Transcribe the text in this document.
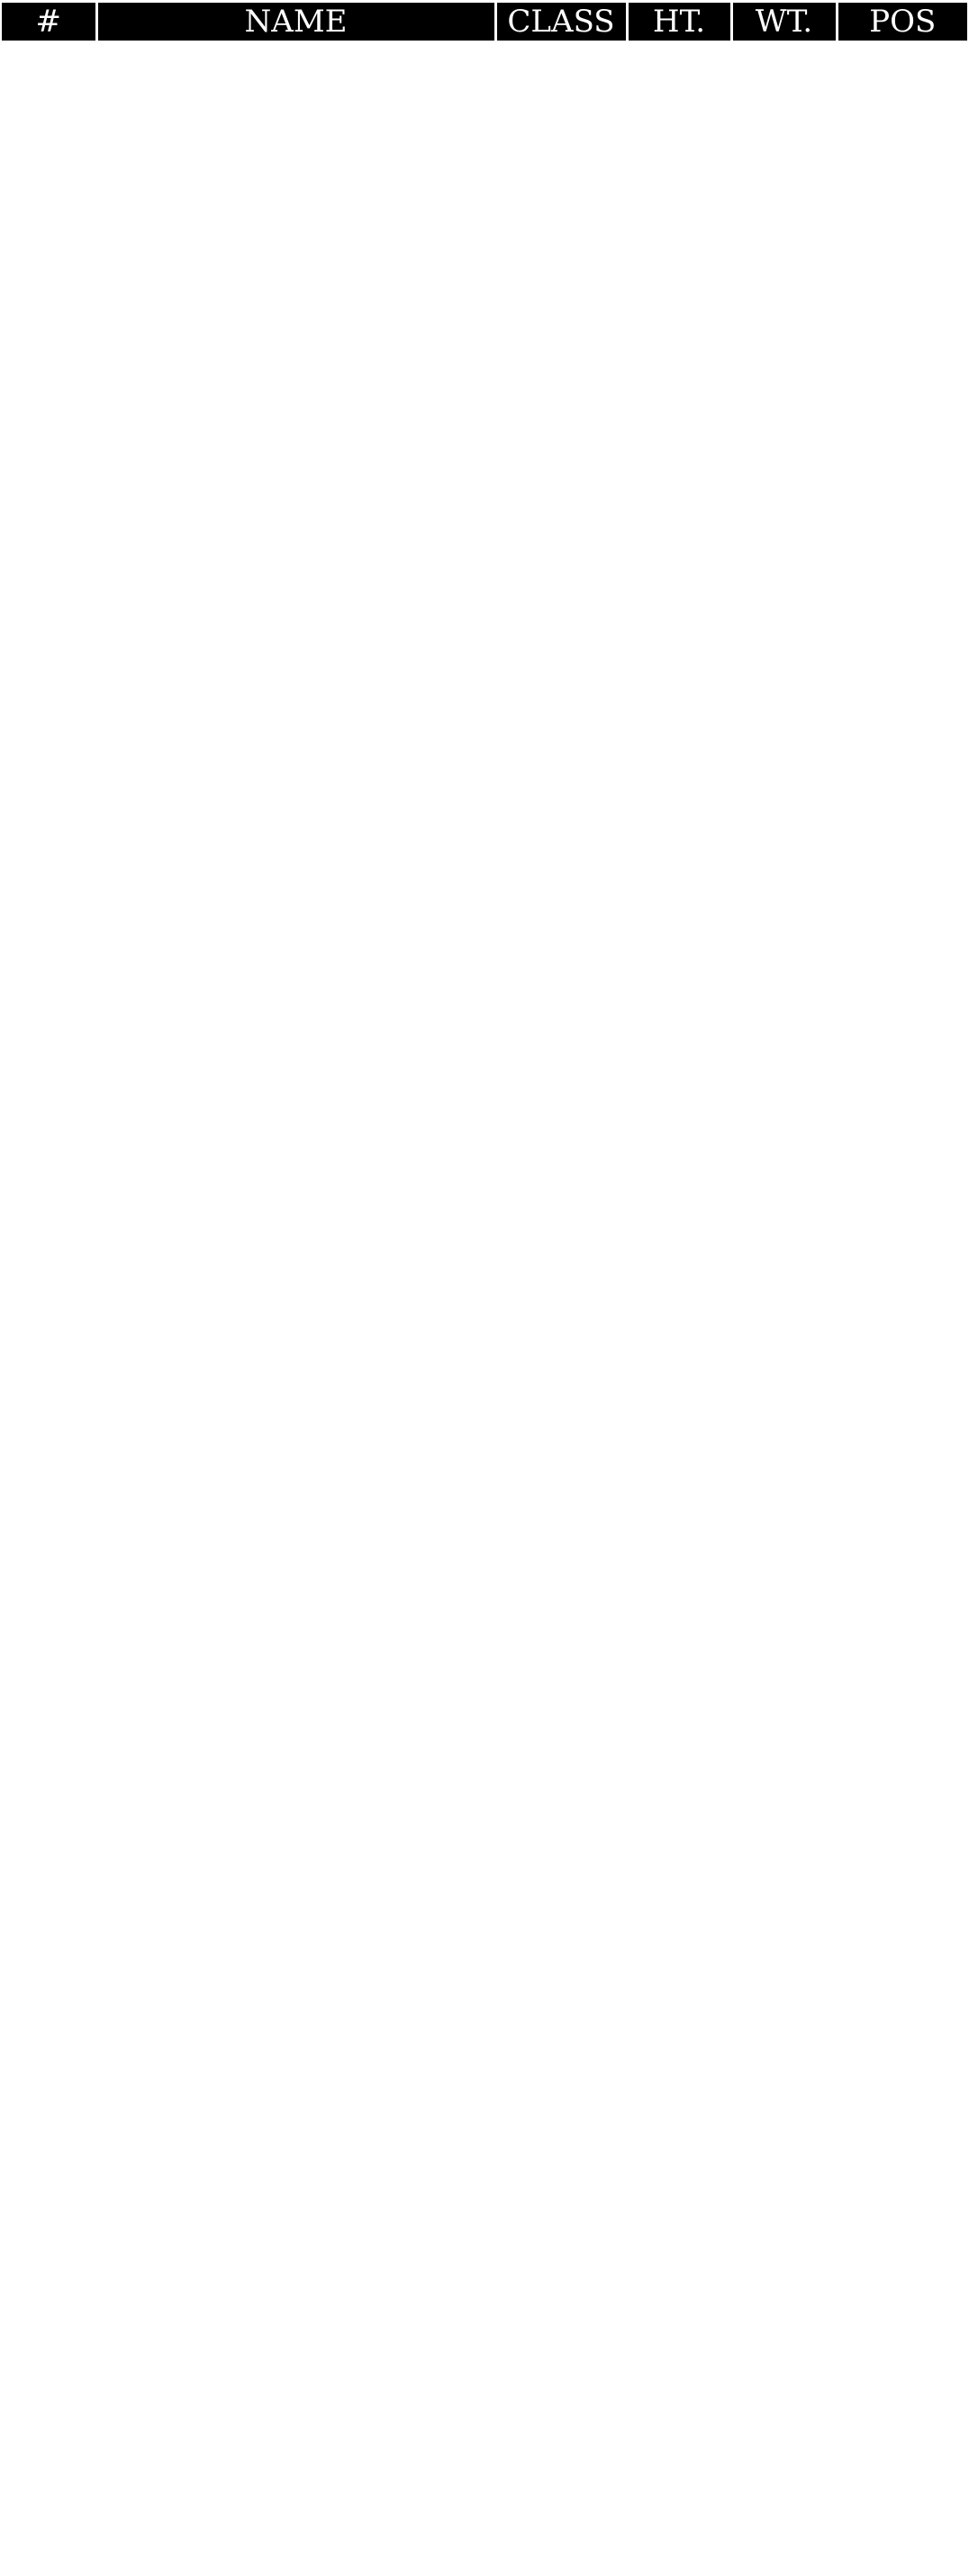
#	NAME	CLASS	HT.	WT.	POS
